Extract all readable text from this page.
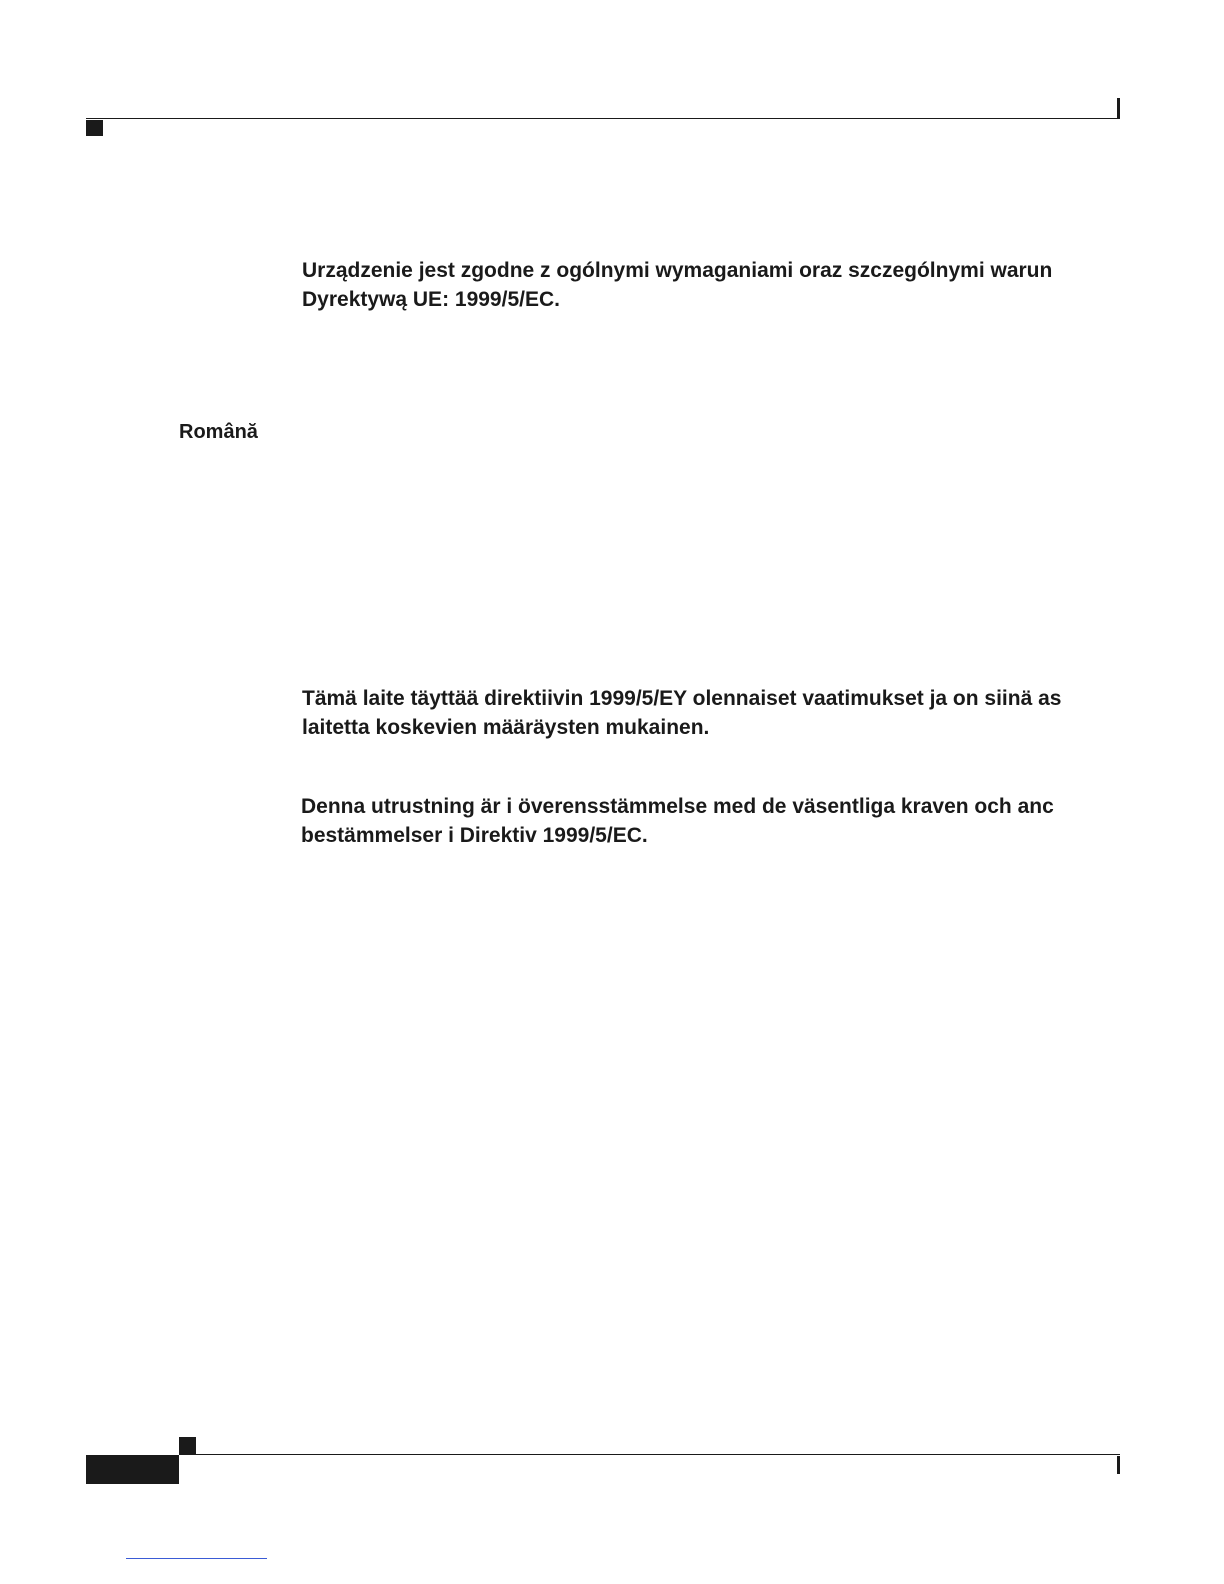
Urządzenie jest zgodne z ogólnymi wymaganiami oraz szczególnymi warun
Dyrektywą UE: 1999/5/EC.

Română

Tämä laite täyttää direktiivin 1999/5/EY olennaiset vaatimukset ja on siinä as
laitetta koskevien määräysten mukainen.

Denna utrustning är i överensstämmelse med de väsentliga kraven och anc
bestämmelser i Direktiv 1999/5/EC.
